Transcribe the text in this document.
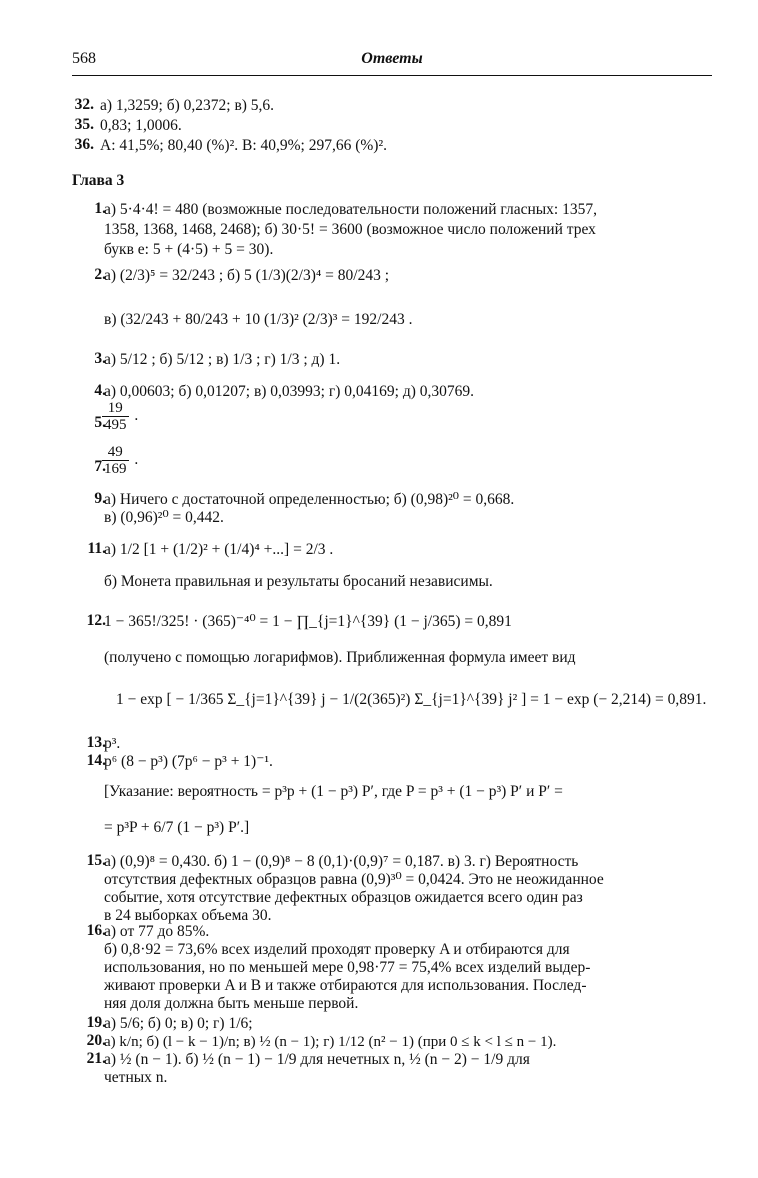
568	Ответы
32. а) 1,3259; б) 0,2372; в) 5,6.
35. 0,83; 1,0006.
36. A: 41,5%; 80,40 (%)². B: 40,9%; 297,66 (%)².
Глава 3
1.
а) 5·4·4! = 480 (возможные последовательности положений гласных: 1357,
1358, 1368, 1468, 2468); б) 30·5! = 3600 (возможное число положений трех
букв е: 5 + (4·5) + 5 = 30).
2.
а) (2/3)⁵ = 32/243 ; б) 5 (1/3)(2/3)⁴ = 80/243 ;
в) (32/243 + 80/243 + 10 (1/3)² (2/3)³ = 192/243 .
3.
а) 5/12 ; б) 5/12 ; в) 1/3 ; г) 1/3 ; д) 1.
4.
а) 0,00603; б) 0,01207; в) 0,03993; г) 0,04169; д) 0,30769.
5.
$\frac{19}{495}$ .
7.
$\frac{49}{169}$ .
9.
а) Ничего с достаточной определенностью; б) (0,98)²⁰ = 0,668.
в) (0,96)²⁰ = 0,442.
11.
а) 1/2 [1 + (1/2)² + (1/4)⁴ +...] = 2/3 .
б) Монета правильная и результаты бросаний независимы.
12.
1 − 365!/325! · (365)⁻⁴⁰ = 1 − ∏_{j=1}^{39} (1 − j/365) = 0,891
(получено с помощью логарифмов). Приближенная формула имеет вид
1 − exp [ − 1/365 Σ_{j=1}^{39} j − 1/(2(365)²) Σ_{j=1}^{39} j² ] = 1 − exp (− 2,214) = 0,891.
13.
p³.
14.
p⁶ (8 − p³) (7p⁶ − p³ + 1)⁻¹.
[Указание: вероятность = p³p + (1 − p³) P′, где P = p³ + (1 − p³) P′ и P′ =
= p³P + 6/7 (1 − p³) P′.]
15.
а) (0,9)⁸ = 0,430. б) 1 − (0,9)⁸ − 8 (0,1)·(0,9)⁷ = 0,187. в) 3. г) Вероятность
отсутствия дефектных образцов равна (0,9)³⁰ = 0,0424. Это не неожиданное
событие, хотя отсутствие дефектных образцов ожидается всего один раз
в 24 выборках объема 30.
16.
а) от 77 до 85%.
б) 0,8·92 = 73,6% всех изделий проходят проверку A и отбираются для
использования, но по меньшей мере 0,98·77 = 75,4% всех изделий выдер-
живают проверки A и B и также отбираются для использования. Послед-
няя доля должна быть меньше первой.
19.
а) 5/6; б) 0; в) 0; г) 1/6;
20.
а) k/n; б) (l − k − 1)/n; в) ½ (n − 1); г) 1/12 (n² − 1) (при 0 ≤ k < l ≤ n − 1).
21.
а) ½ (n − 1). б) ½ (n − 1) − 1/9 для нечетных n, ½ (n − 2) − 1/9 для
четных n.
